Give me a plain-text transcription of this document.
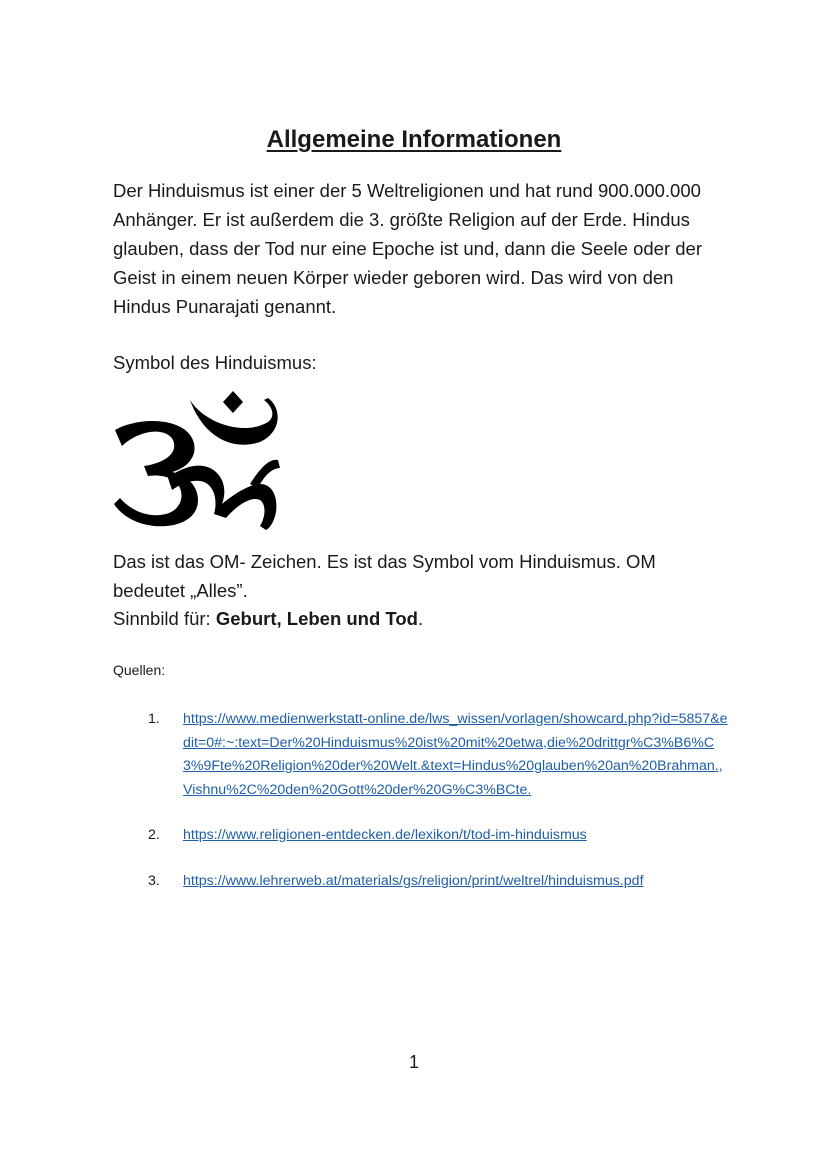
Allgemeine Informationen

Der Hinduismus ist einer der 5 Weltreligionen und hat rund 900.000.000 Anhänger. Er ist außerdem die 3. größte Religion auf der Erde. Hindus glauben, dass der Tod nur eine Epoche ist und, dann die Seele oder der Geist in einem neuen Körper wieder geboren wird. Das wird von den Hindus Punarajati genannt.

Symbol des Hinduismus:

Das ist das OM- Zeichen. Es ist das Symbol vom Hinduismus. OM bedeutet „Alles”.

Sinnbild für: Geburt, Leben und Tod.

Quellen:

1. https://www.medienwerkstatt-online.de/lws_wissen/vorlagen/showcard.php?id=5857&edit=0#:~:text=Der%20Hinduismus%20ist%20mit%20etwa,die%20drittgr%C3%B6%C3%9Fte%20Religion%20der%20Welt.&text=Hindus%20glauben%20an%20Brahman.,Vishnu%2C%20den%20Gott%20der%20G%C3%BCte.
2. https://www.religionen-entdecken.de/lexikon/t/tod-im-hinduismus
3. https://www.lehrerweb.at/materials/gs/religion/print/weltrel/hinduismus.pdf

1
